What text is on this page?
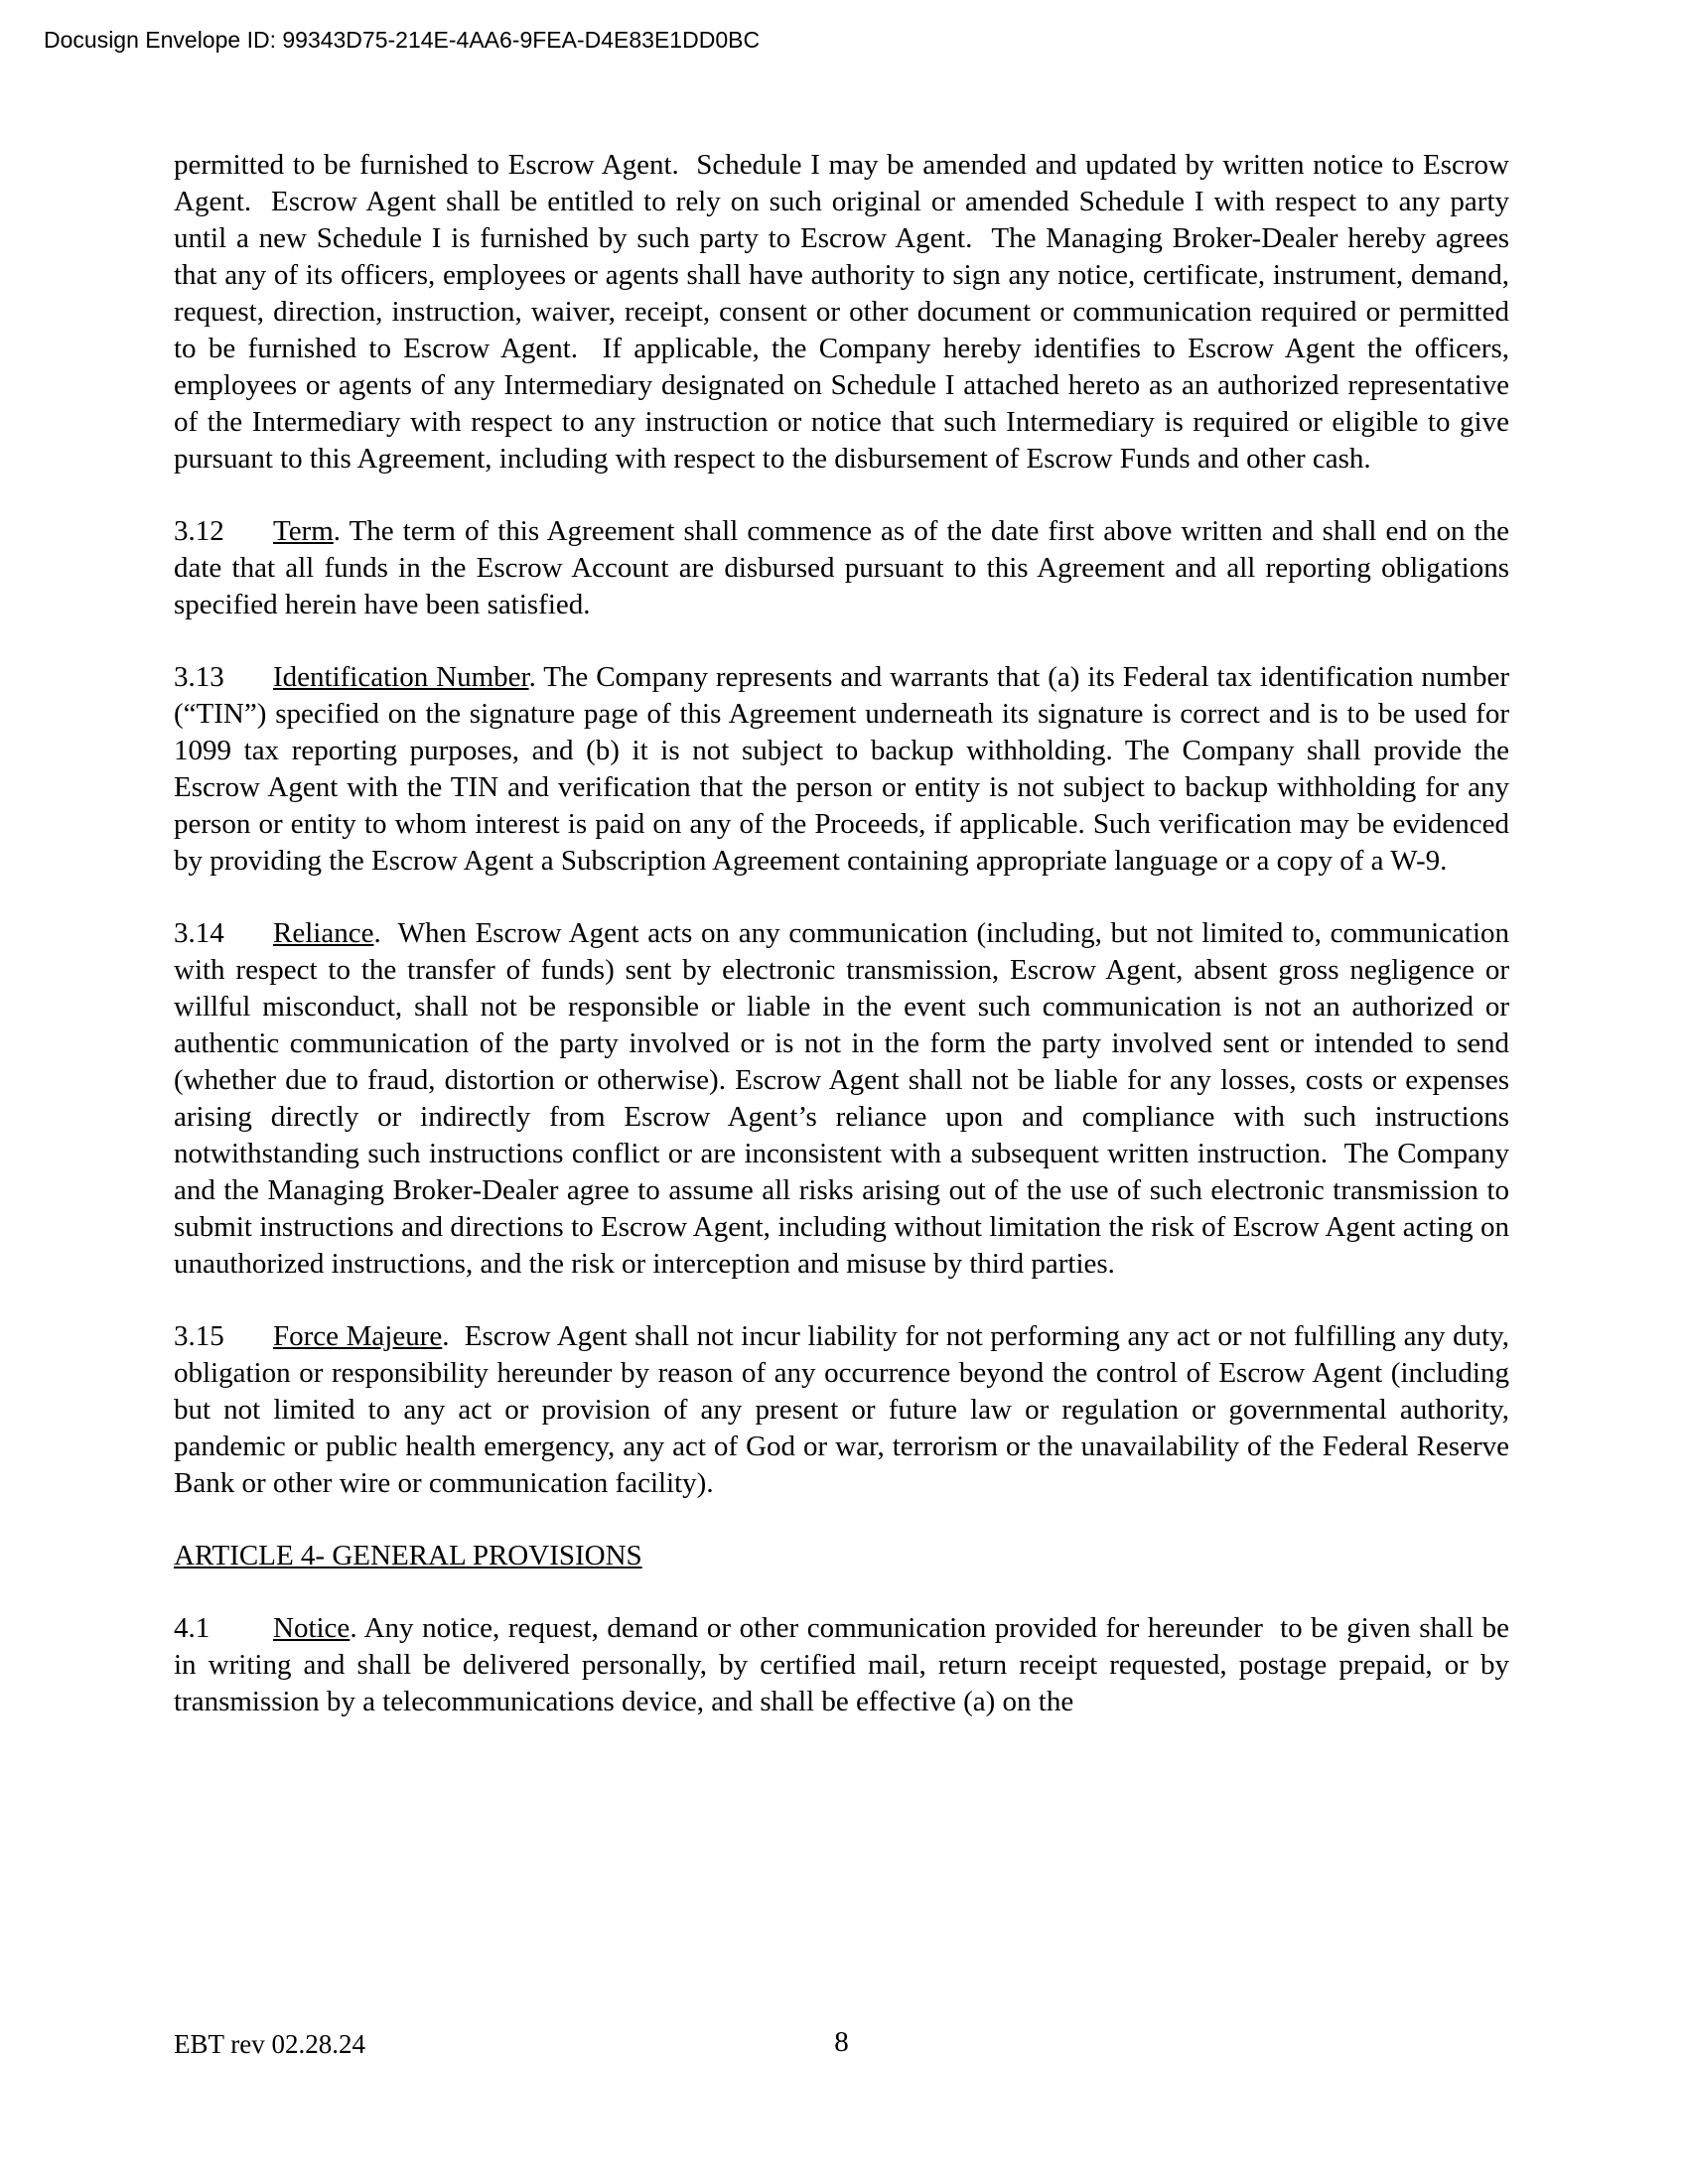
Docusign Envelope ID: 99343D75-214E-4AA6-9FEA-D4E83E1DD0BC

permitted to be furnished to Escrow Agent.  Schedule I may be amended and updated by written notice to Escrow Agent.  Escrow Agent shall be entitled to rely on such original or amended Schedule I with respect to any party until a new Schedule I is furnished by such party to Escrow Agent.  The Managing Broker-Dealer hereby agrees that any of its officers, employees or agents shall have authority to sign any notice, certificate, instrument, demand, request, direction, instruction, waiver, receipt, consent or other document or communication required or permitted to be furnished to Escrow Agent.  If applicable, the Company hereby identifies to Escrow Agent the officers, employees or agents of any Intermediary designated on Schedule I attached hereto as an authorized representative of the Intermediary with respect to any instruction or notice that such Intermediary is required or eligible to give pursuant to this Agreement, including with respect to the disbursement of Escrow Funds and other cash.

3.12 Term. The term of this Agreement shall commence as of the date first above written and shall end on the date that all funds in the Escrow Account are disbursed pursuant to this Agreement and all reporting obligations specified herein have been satisfied.

3.13 Identification Number. The Company represents and warrants that (a) its Federal tax identification number (“TIN”) specified on the signature page of this Agreement underneath its signature is correct and is to be used for 1099 tax reporting purposes, and (b) it is not subject to backup withholding. The Company shall provide the Escrow Agent with the TIN and verification that the person or entity is not subject to backup withholding for any person or entity to whom interest is paid on any of the Proceeds, if applicable. Such verification may be evidenced by providing the Escrow Agent a Subscription Agreement containing appropriate language or a copy of a W-9.

3.14 Reliance.  When Escrow Agent acts on any communication (including, but not limited to, communication with respect to the transfer of funds) sent by electronic transmission, Escrow Agent, absent gross negligence or willful misconduct, shall not be responsible or liable in the event such communication is not an authorized or authentic communication of the party involved or is not in the form the party involved sent or intended to send (whether due to fraud, distortion or otherwise). Escrow Agent shall not be liable for any losses, costs or expenses arising directly or indirectly from Escrow Agent’s reliance upon and compliance with such instructions notwithstanding such instructions conflict or are inconsistent with a subsequent written instruction.  The Company and the Managing Broker-Dealer agree to assume all risks arising out of the use of such electronic transmission to submit instructions and directions to Escrow Agent, including without limitation the risk of Escrow Agent acting on unauthorized instructions, and the risk or interception and misuse by third parties.

3.15 Force Majeure.  Escrow Agent shall not incur liability for not performing any act or not fulfilling any duty, obligation or responsibility hereunder by reason of any occurrence beyond the control of Escrow Agent (including but not limited to any act or provision of any present or future law or regulation or governmental authority, pandemic or public health emergency, any act of God or war, terrorism or the unavailability of the Federal Reserve Bank or other wire or communication facility).

ARTICLE 4- GENERAL PROVISIONS

4.1 Notice. Any notice, request, demand or other communication provided for hereunder  to be given shall be in writing and shall be delivered personally, by certified mail, return receipt requested, postage prepaid, or by transmission by a telecommunications device, and shall be effective (a) on the

EBT rev 02.28.24	8
